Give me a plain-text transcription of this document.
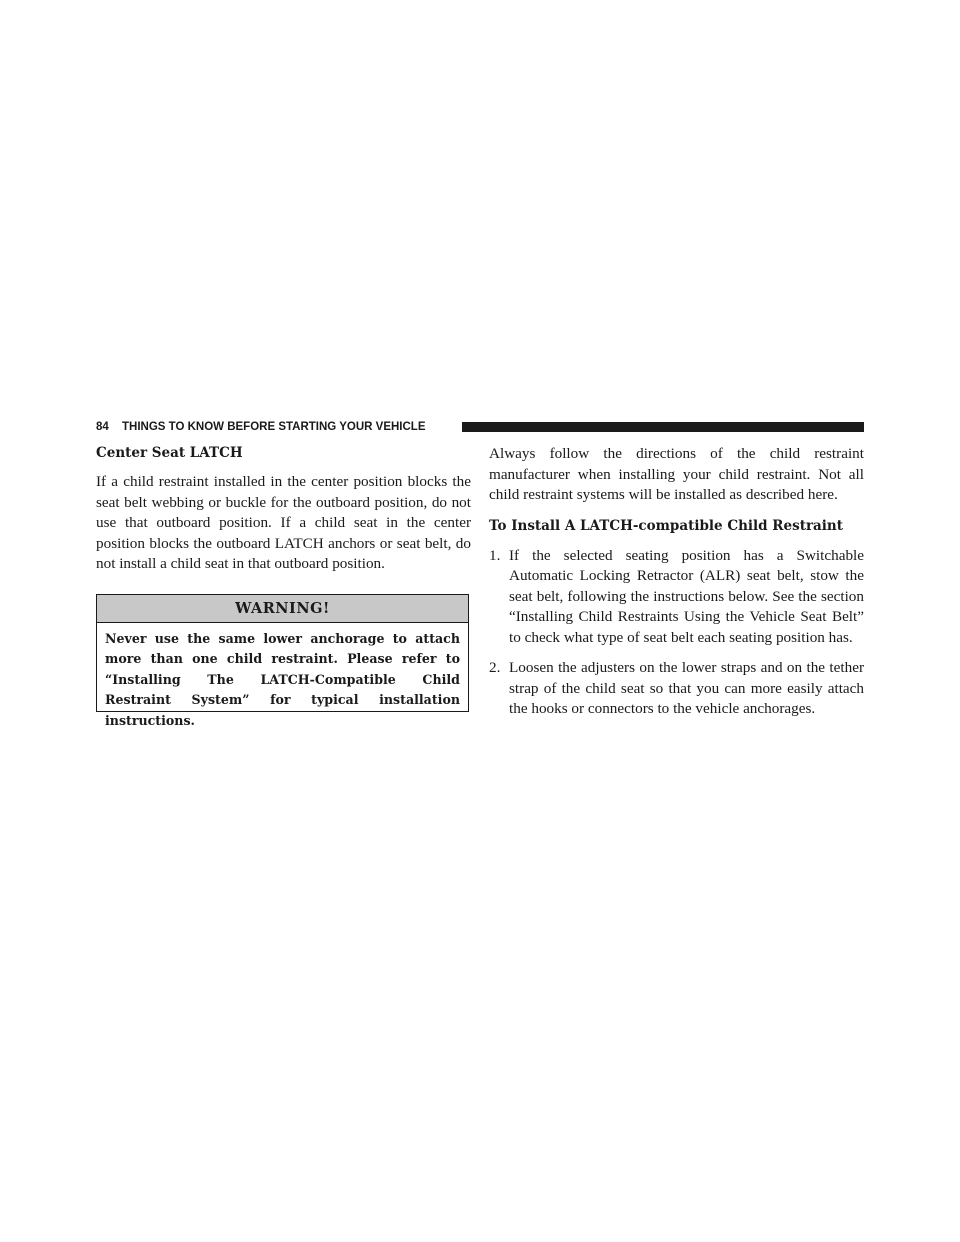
84 THINGS TO KNOW BEFORE STARTING YOUR VEHICLE
Center Seat LATCH

If a child restraint installed in the center position blocks the seat belt webbing or buckle for the outboard position, do not use that outboard position. If a child seat in the center position blocks the outboard LATCH anchors or seat belt, do not install a child seat in that outboard position.

WARNING!
Never use the same lower anchorage to attach more than one child restraint. Please refer to “Installing The LATCH-Compatible Child Restraint System” for typical installation instructions.

Always follow the directions of the child restraint manufacturer when installing your child restraint. Not all child restraint systems will be installed as described here.

To Install A LATCH-compatible Child Restraint
1. If the selected seating position has a Switchable Automatic Locking Retractor (ALR) seat belt, stow the seat belt, following the instructions below. See the section “Installing Child Restraints Using the Vehicle Seat Belt” to check what type of seat belt each seating position has.
2. Loosen the adjusters on the lower straps and on the tether strap of the child seat so that you can more easily attach the hooks or connectors to the vehicle anchorages.
